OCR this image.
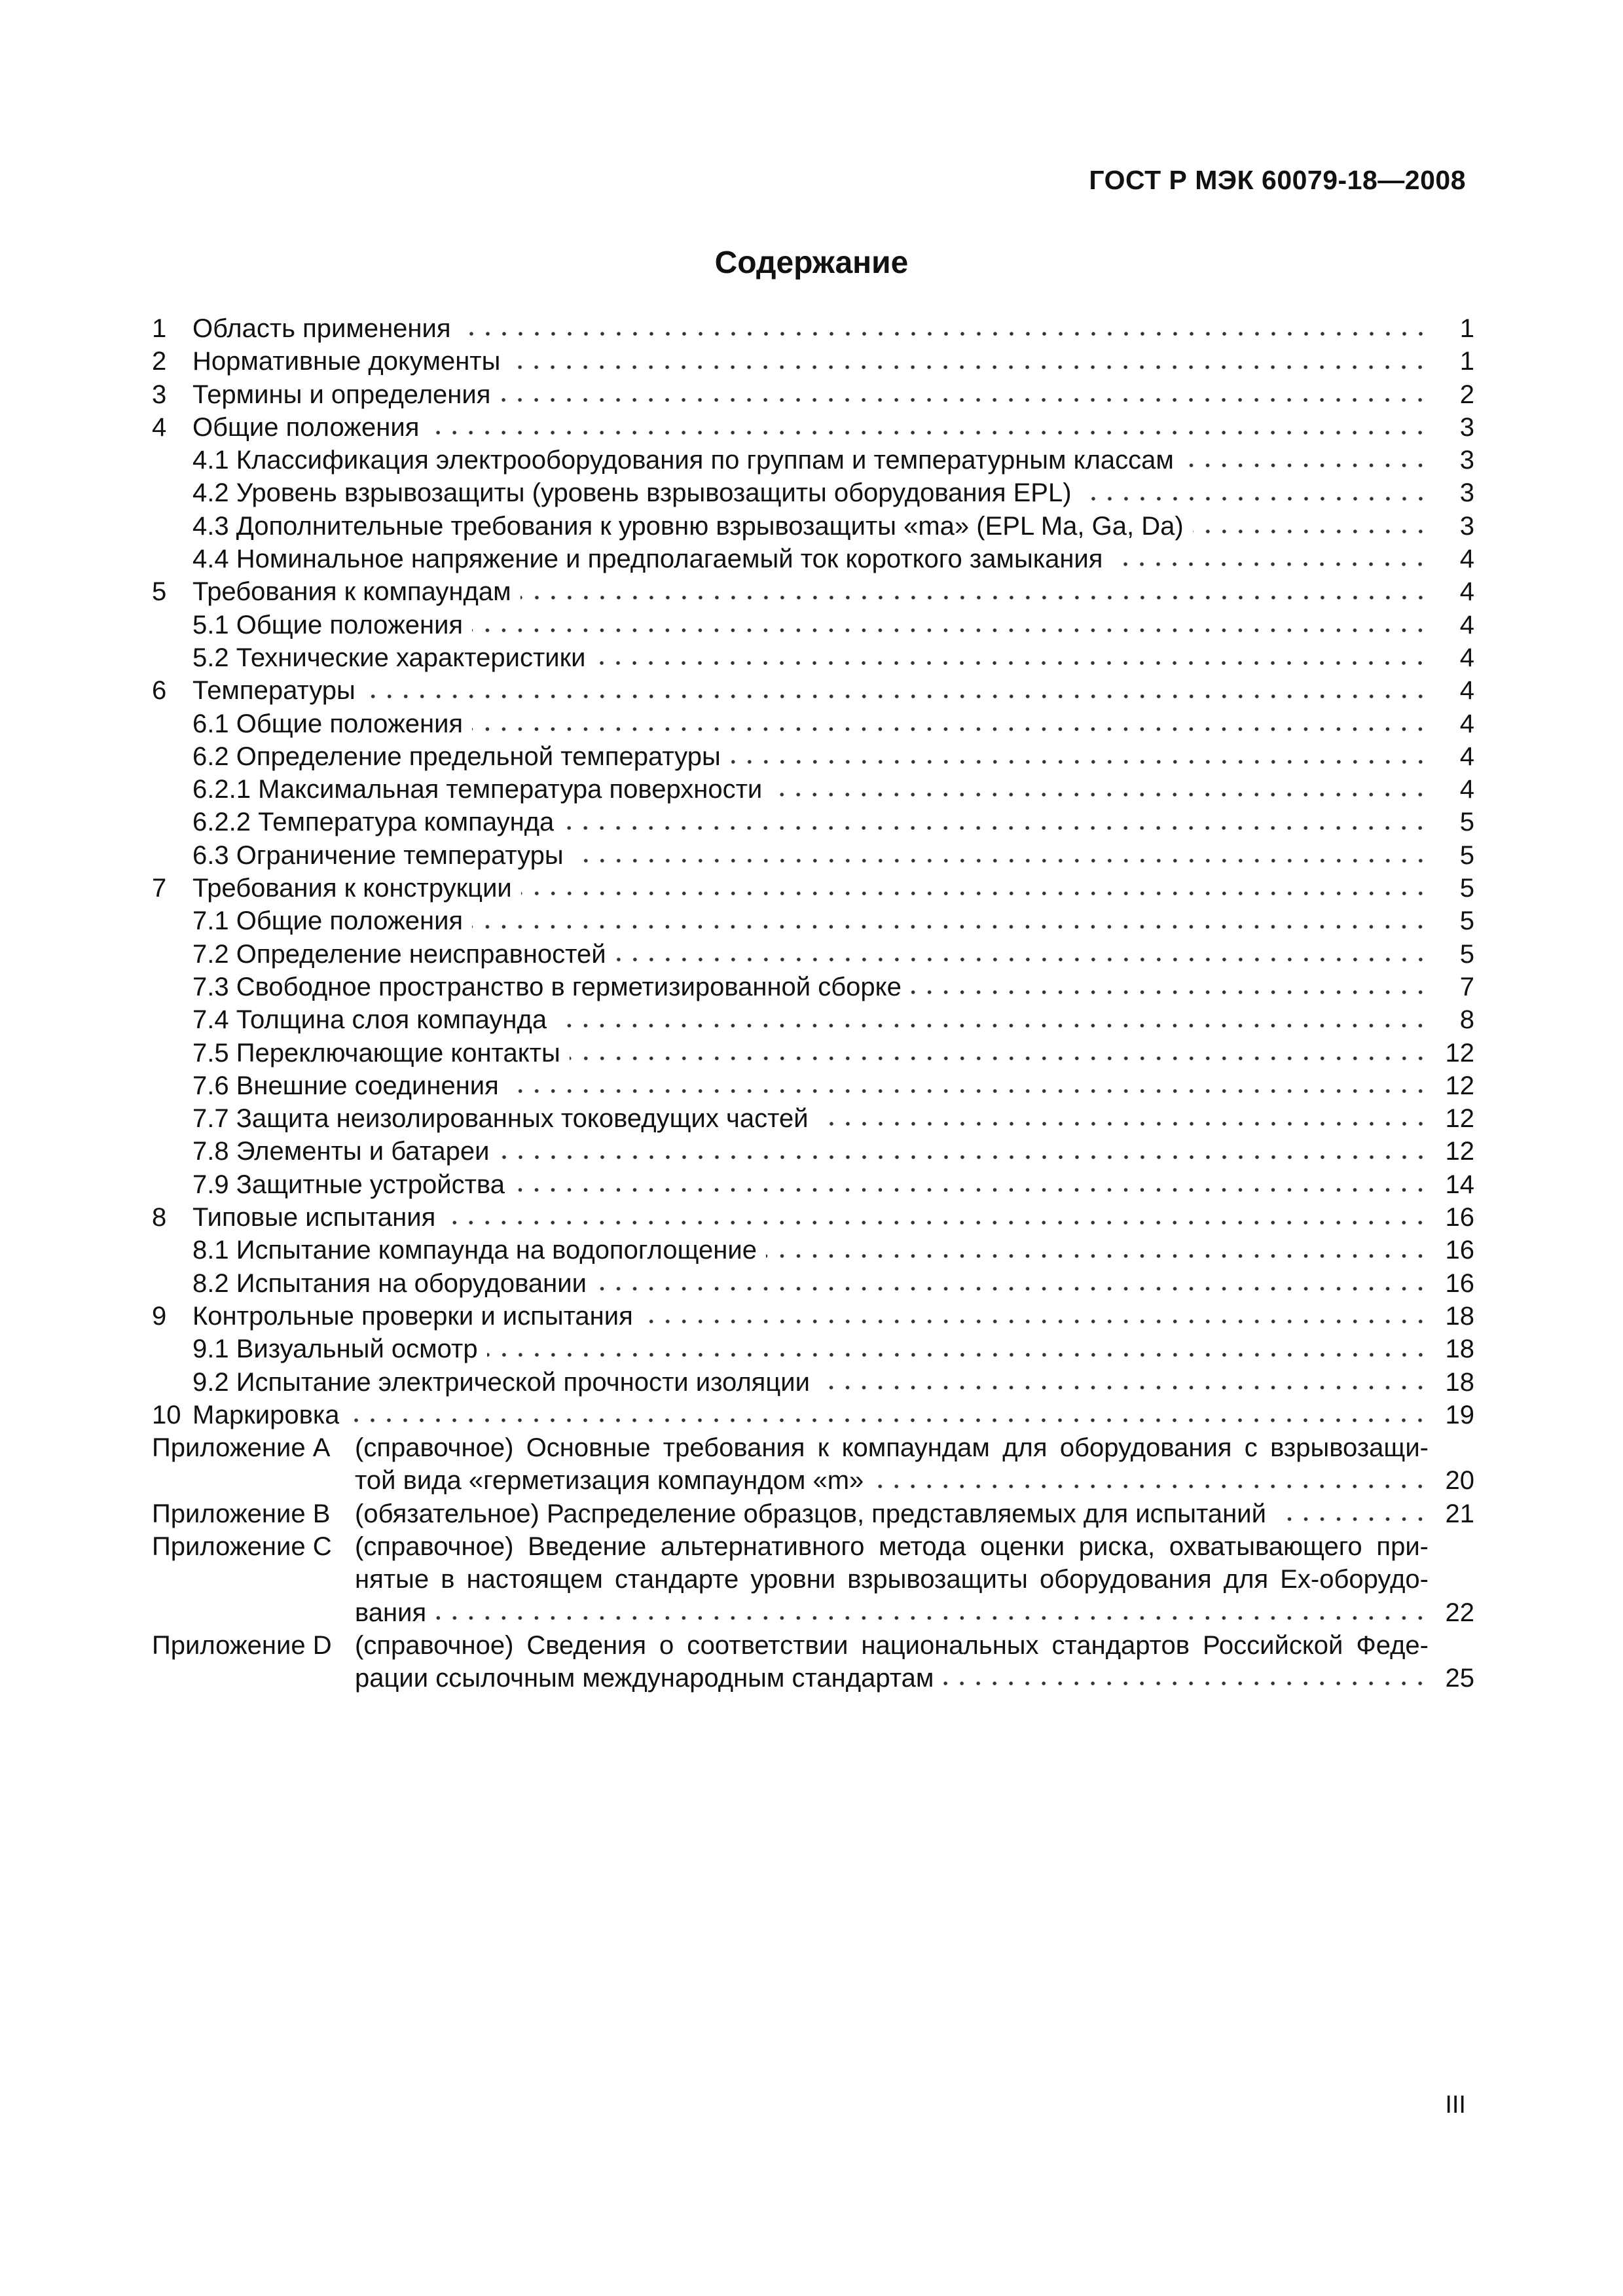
ГОСТ Р МЭК 60079-18—2008
Содержание
1 Область применения	1
2 Нормативные документы	1
3 Термины и определения	2
4 Общие положения	3
4.1 Классификация электрооборудования по группам и температурным классам	3
4.2 Уровень взрывозащиты (уровень взрывозащиты оборудования EPL)	3
4.3 Дополнительные требования к уровню взрывозащиты «ma» (EPL Ma, Ga, Da)	3
4.4 Номинальное напряжение и предполагаемый ток короткого замыкания	4
5 Требования к компаундам	4
5.1 Общие положения	4
5.2 Технические характеристики	4
6 Температуры	4
6.1 Общие положения	4
6.2 Определение предельной температуры	4
6.2.1 Максимальная температура поверхности	4
6.2.2 Температура компаунда	5
6.3 Ограничение температуры	5
7 Требования к конструкции	5
7.1 Общие положения	5
7.2 Определение неисправностей	5
7.3 Свободное пространство в герметизированной сборке	7
7.4 Толщина слоя компаунда	8
7.5 Переключающие контакты	12
7.6 Внешние соединения	12
7.7 Защита неизолированных токоведущих частей	12
7.8 Элементы и батареи	12
7.9 Защитные устройства	14
8 Типовые испытания	16
8.1 Испытание компаунда на водопоглощение	16
8.2 Испытания на оборудовании	16
9 Контрольные проверки и испытания	18
9.1 Визуальный осмотр	18
9.2 Испытание электрической прочности изоляции	18
10 Маркировка	19
Приложение A (справочное) Основные требования к компаундам для оборудования с взрывозащи-
той вида «герметизация компаундом «m»	20
Приложение B (обязательное) Распределение образцов, представляемых для испытаний	21
Приложение C (справочное) Введение альтернативного метода оценки риска, охватывающего при-
нятые в настоящем стандарте уровни взрывозащиты оборудования для Ex-оборудо-
вания	22
Приложение D (справочное) Сведения о соответствии национальных стандартов Российской Феде-
рации ссылочным международным стандартам	25
III
